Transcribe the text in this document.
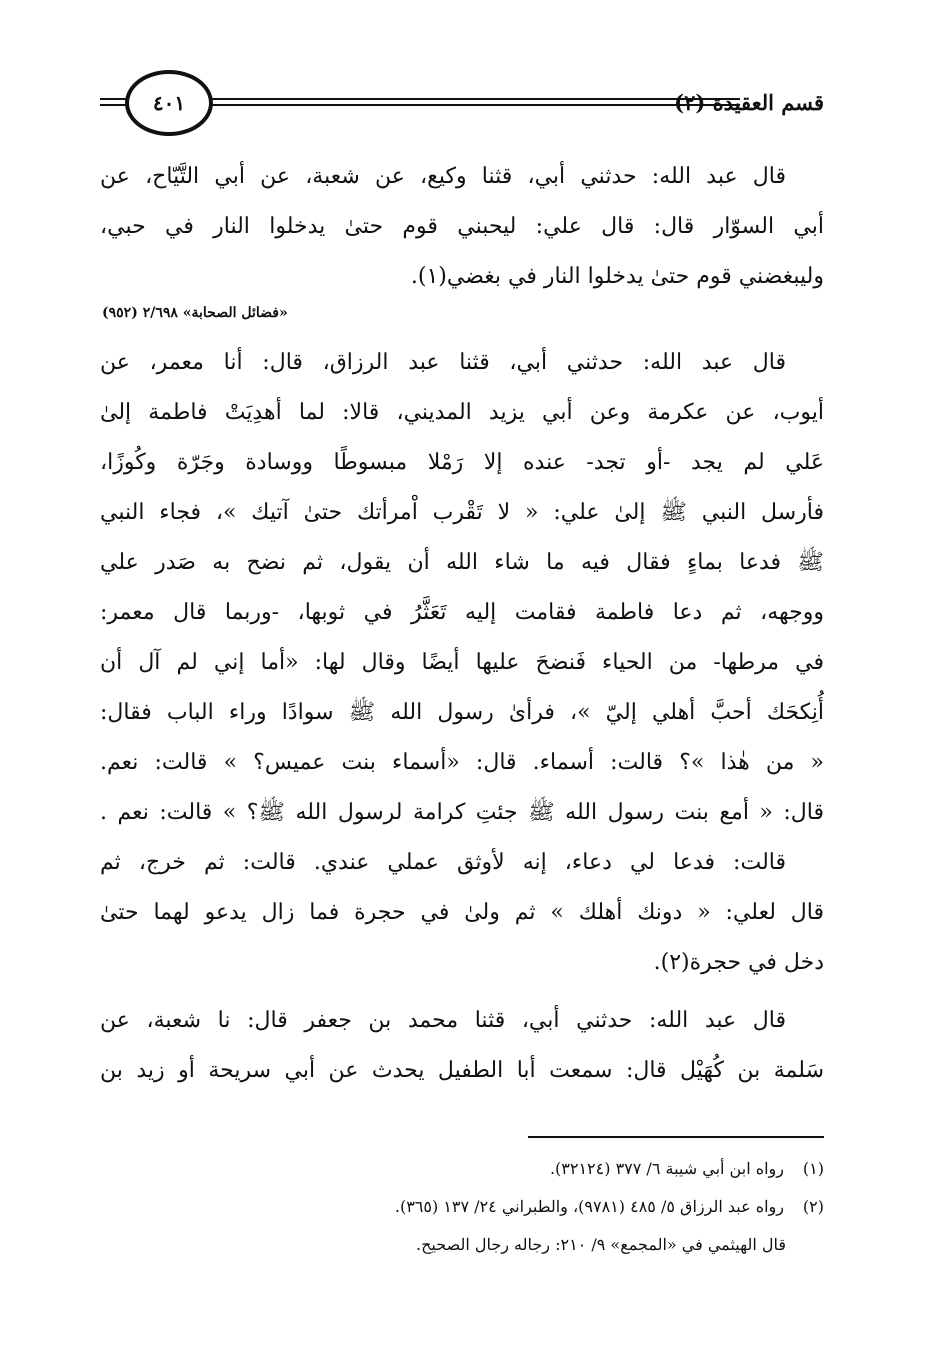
قسم العقيدة (٢)
٤٠١
قال عبد الله: حدثني أبي، قثنا وكيع، عن شعبة، عن أبي التَّيّاح، عن
أبي السوّار قال: قال علي: ليحبني قوم حتىٰ يدخلوا النار في حبي،
وليبغضني قوم حتىٰ يدخلوا النار في بغضي(١).
«فضائل الصحابة» ٢/٦٩٨ (٩٥٢)
قال عبد الله: حدثني أبي، قثنا عبد الرزاق، قال: أنا معمر، عن
أيوب، عن عكرمة وعن أبي يزيد المديني، قالا: لما أهدِيَتْ فاطمة إلىٰ
عَلي لم يجد -أو تجد- عنده إلا رَمْلا مبسوطًا ووسادة وجَرّة وكُوزًا،
فأرسل النبي ﷺ إلىٰ علي: « لا تَقْرب اْمرأتك حتىٰ آتيك »، فجاء النبي
ﷺ فدعا بماءٍ فقال فيه ما شاء الله أن يقول، ثم نضح به صَدر علي
ووجهه، ثم دعا فاطمة فقامت إليه تَعَثَّرُ في ثوبها، -وربما قال معمر:
في مرطها- من الحياء فَنضحَ عليها أيضًا وقال لها: «أما إني لم آل أن
أُنِكحَك أحبَّ أهلي إليّ »، فرأىٰ رسول الله ﷺ سوادًا وراء الباب فقال:
« من هٰذا »؟ قالت: أسماء. قال: «أسماء بنت عميس؟ » قالت: نعم.
قال: « أمع بنت رسول الله ﷺ جئتِ كرامة لرسول الله ﷺ؟ » قالت: نعم .
قالت: فدعا لي دعاء، إنه لأوثق عملي عندي. قالت: ثم خرج، ثم
قال لعلي: « دونك أهلك » ثم ولىٰ في حجرة فما زال يدعو لهما حتىٰ
دخل في حجرة(٢).
قال عبد الله: حدثني أبي، قثنا محمد بن جعفر قال: نا شعبة، عن
سَلمة بن كُهَيْل قال: سمعت أبا الطفيل يحدث عن أبي سريحة أو زيد بن
(١)رواه ابن أبي شيبة ٦/ ٣٧٧ (٣٢١٢٤).
(٢)رواه عبد الرزاق ٥/ ٤٨٥ (٩٧٨١)، والطبراني ٢٤/ ١٣٧ (٣٦٥).
قال الهيثمي في «المجمع» ٩/ ٢١٠: رجاله رجال الصحيح.
